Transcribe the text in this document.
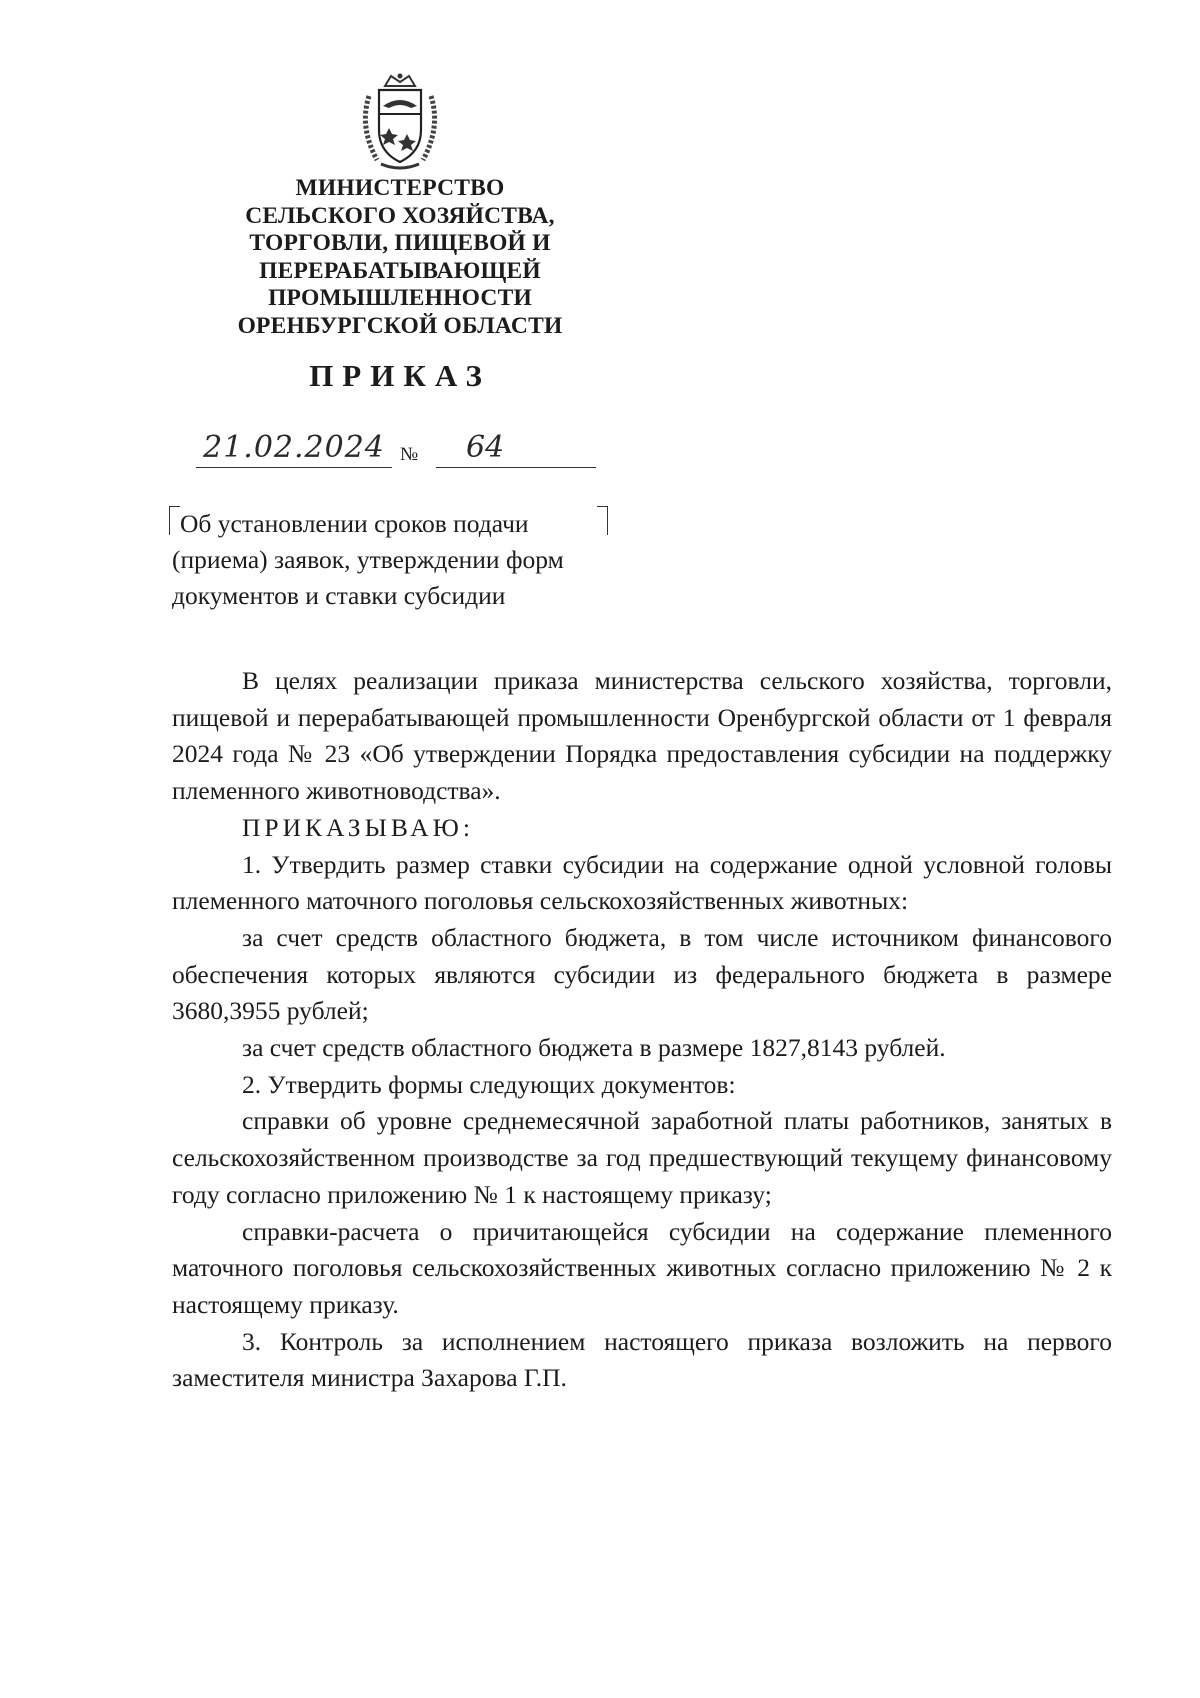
МИНИСТЕРСТВО
СЕЛЬСКОГО ХОЗЯЙСТВА,
ТОРГОВЛИ, ПИЩЕВОЙ И
ПЕРЕРАБАТЫВАЮЩЕЙ
ПРОМЫШЛЕННОСТИ
ОРЕНБУРГСКОЙ ОБЛАСТИ
ПРИКАЗ
21.02.2024 №	64
Об установлении сроков подачи
(приема) заявок, утверждении форм
документов и ставки субсидии

В целях реализации приказа министерства сельского хозяйства, торговли, пищевой и перерабатывающей промышленности Оренбургской области от 1 февраля 2024 года № 23 «Об утверждении Порядка предоставления субсидии на поддержку племенного животноводства».

ПРИКАЗЫВАЮ:

1. Утвердить размер ставки субсидии на содержание одной условной головы племенного маточного поголовья сельскохозяйственных животных:

за счет средств областного бюджета, в том числе источником финансового обеспечения которых являются субсидии из федерального бюджета в размере 3680,3955 рублей;

за счет средств областного бюджета в размере 1827,8143 рублей.

2. Утвердить формы следующих документов:

справки об уровне среднемесячной заработной платы работников, занятых в сельскохозяйственном производстве за год предшествующий текущему финансовому году согласно приложению № 1 к настоящему приказу;

справки-расчета о причитающейся субсидии на содержание племенного маточного поголовья сельскохозяйственных животных согласно приложению № 2 к настоящему приказу.

3. Контроль за исполнением настоящего приказа возложить на первого заместителя министра Захарова Г.П.
